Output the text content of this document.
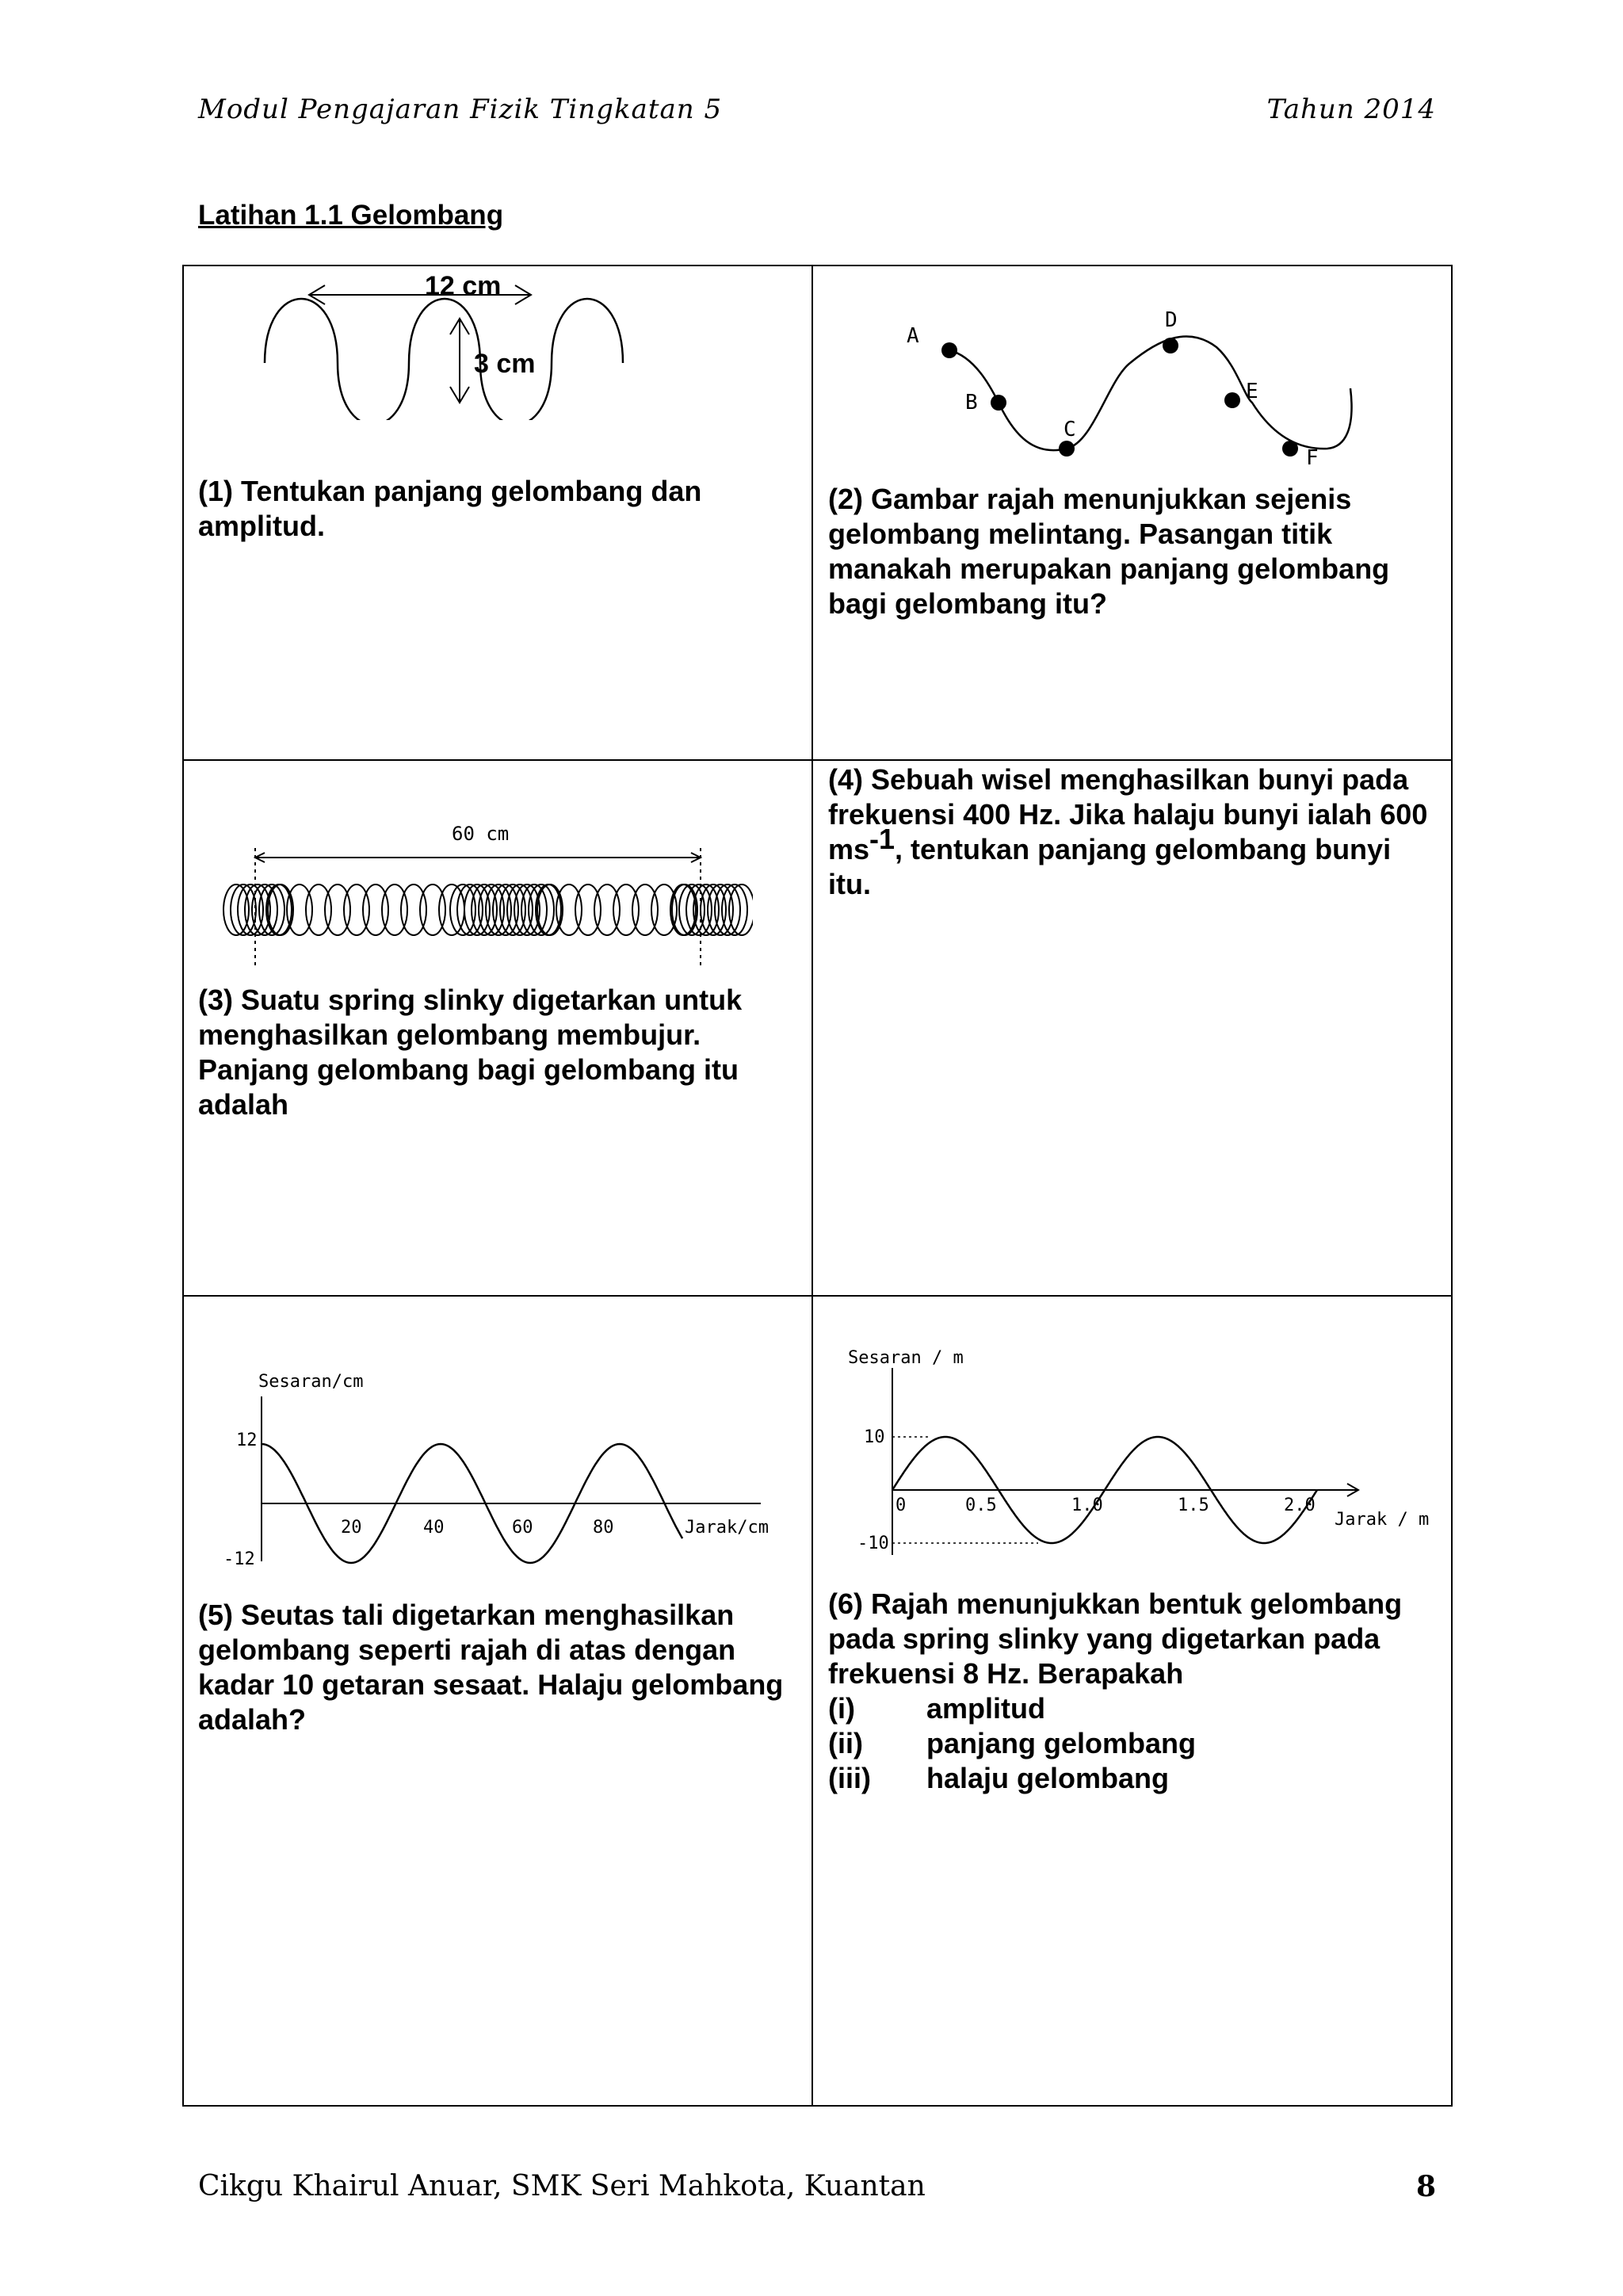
Modul Pengajaran Fizik Tingkatan 5	Tahun 2014
Latihan 1.1 Gelombang
12 cm
3 cm
(1) Tentukan panjang gelombang dan amplitud.
A
B
C
D
E
F
(2) Gambar rajah menunjukkan sejenis gelombang melintang. Pasangan titik manakah merupakan panjang gelombang bagi gelombang itu?
60 cm
(3) Suatu spring slinky digetarkan untuk menghasilkan gelombang membujur. Panjang gelombang bagi gelombang itu adalah
(4) Sebuah wisel menghasilkan bunyi pada frekuensi 400 Hz. Jika halaju bunyi ialah 600 $ms^{-1}$, tentukan panjang gelombang bunyi itu.
Sesaran/cm
12
-12
20	40	60	80	Jarak/cm
(5) Seutas tali digetarkan menghasilkan gelombang seperti rajah di atas dengan kadar 10 getaran sesaat. Halaju gelombang adalah?
Sesaran / m
10
-10
0	0.5	1.0	1.5	2.0
Jarak / m

(6) Rajah menunjukkan bentuk gelombang pada spring slinky yang digetarkan pada frekuensi 8 Hz. Berapakah

(i)	amplitud
(ii)	panjang gelombang
(iii)	halaju gelombang
Cikgu Khairul Anuar, SMK Seri Mahkota, Kuantan	8
